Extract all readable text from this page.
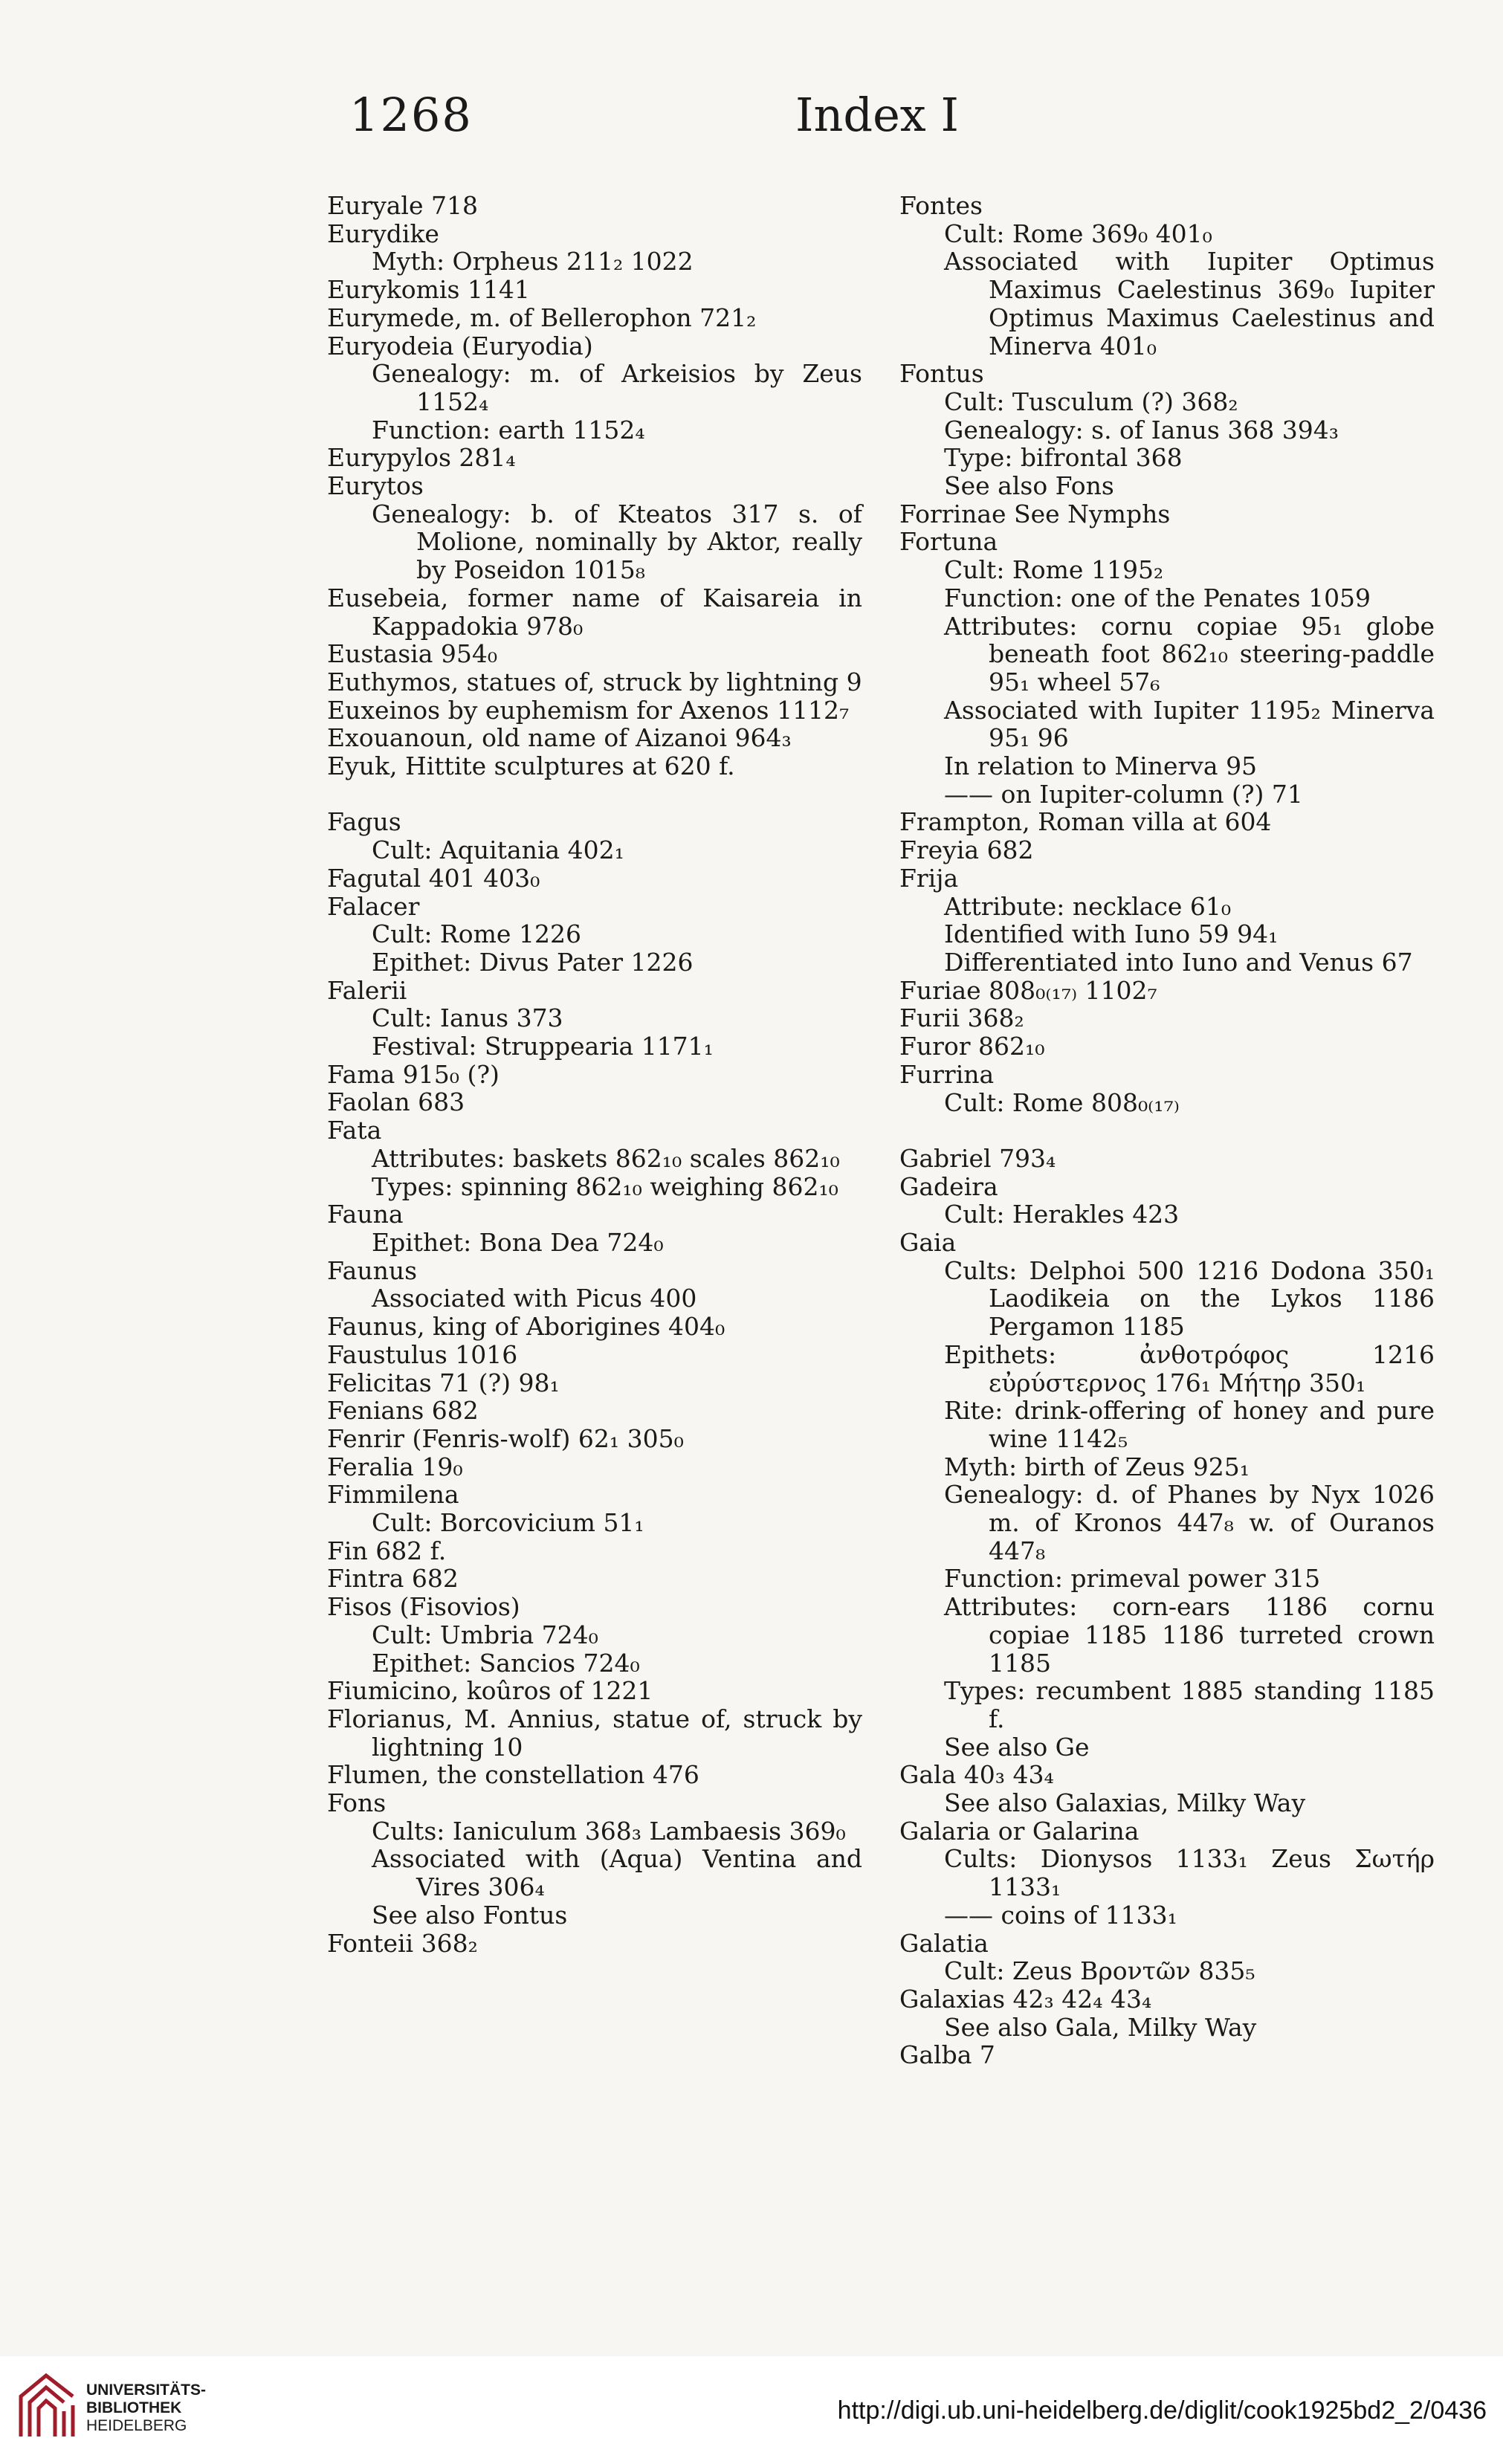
1268	Index I
Euryale 718
Eurydike
Myth: Orpheus 211₂ 1022
Eurykomis 1141
Eurymede, m. of Bellerophon 721₂
Euryodeia (Euryodia)
Genealogy: m. of Arkeisios by Zeus 1152₄
Function: earth 1152₄
Eurypylos 281₄
Eurytos
Genealogy: b. of Kteatos 317 s. of Molione, nominally by Aktor, really by Poseidon 1015₈
Eusebeia, former name of Kaisareia in Kappadokia 978₀
Eustasia 954₀
Euthymos, statues of, struck by lightning 9
Euxeinos by euphemism for Axenos 1112₇
Exouanoun, old name of Aizanoi 964₃
Eyuk, Hittite sculptures at 620 f.
Fagus
Cult: Aquitania 402₁
Fagutal 401 403₀
Falacer
Cult: Rome 1226
Epithet: Divus Pater 1226
Falerii
Cult: Ianus 373
Festival: Struppearia 1171₁
Fama 915₀ (?)
Faolan 683
Fata
Attributes: baskets 862₁₀ scales 862₁₀
Types: spinning 862₁₀ weighing 862₁₀
Fauna
Epithet: Bona Dea 724₀
Faunus
Associated with Picus 400
Faunus, king of Aborigines 404₀
Faustulus 1016
Felicitas 71 (?) 98₁
Fenians 682
Fenrir (Fenris-wolf) 62₁ 305₀
Feralia 19₀
Fimmilena
Cult: Borcovicium 51₁
Fin 682 f.
Fintra 682
Fisos (Fisovios)
Cult: Umbria 724₀
Epithet: Sancios 724₀
Fiumicino, koûros of 1221
Florianus, M. Annius, statue of, struck by lightning 10
Flumen, the constellation 476
Fons
Cults: Ianiculum 368₃ Lambaesis 369₀
Associated with (Aqua) Ventina and Vires 306₄
See also Fontus
Fonteii 368₂
Fontes
Cult: Rome 369₀ 401₀
Associated with Iupiter Optimus Maximus Caelestinus 369₀ Iupiter Optimus Maximus Caelestinus and Minerva 401₀
Fontus
Cult: Tusculum (?) 368₂
Genealogy: s. of Ianus 368 394₃
Type: bifrontal 368
See also Fons
Forrinae See Nymphs
Fortuna
Cult: Rome 1195₂
Function: one of the Penates 1059
Attributes: cornu copiae 95₁ globe beneath foot 862₁₀ steering-paddle 95₁ wheel 57₆
Associated with Iupiter 1195₂ Minerva 95₁ 96
In relation to Minerva 95
—— on Iupiter-column (?) 71
Frampton, Roman villa at 604
Freyia 682
Frija
Attribute: necklace 61₀
Identified with Iuno 59 94₁
Differentiated into Iuno and Venus 67
Furiae 808₀₍₁₇₎ 1102₇
Furii 368₂
Furor 862₁₀
Furrina
Cult: Rome 808₀₍₁₇₎
Gabriel 793₄
Gadeira
Cult: Herakles 423
Gaia
Cults: Delphoi 500 1216 Dodona 350₁ Laodikeia on the Lykos 1186 Pergamon 1185
Epithets: ἀνθοτρόφος 1216 εὐρύστερνος 176₁ Μήτηρ 350₁
Rite: drink-offering of honey and pure wine 1142₅
Myth: birth of Zeus 925₁
Genealogy: d. of Phanes by Nyx 1026 m. of Kronos 447₈ w. of Ouranos 447₈
Function: primeval power 315
Attributes: corn-ears 1186 cornu copiae 1185 1186 turreted crown 1185
Types: recumbent 1885 standing 1185 f.
See also Ge
Gala 40₃ 43₄
See also Galaxias, Milky Way
Galaria or Galarina
Cults: Dionysos 1133₁ Zeus Σωτήρ 1133₁
—— coins of 1133₁
Galatia
Cult: Zeus Βροντῶν 835₅
Galaxias 42₃ 42₄ 43₄
See also Gala, Milky Way
Galba 7
UNIVERSITÄTS-
BIBLIOTHEK
HEIDELBERG
http://digi.ub.uni-heidelberg.de/diglit/cook1925bd2_2/0436
